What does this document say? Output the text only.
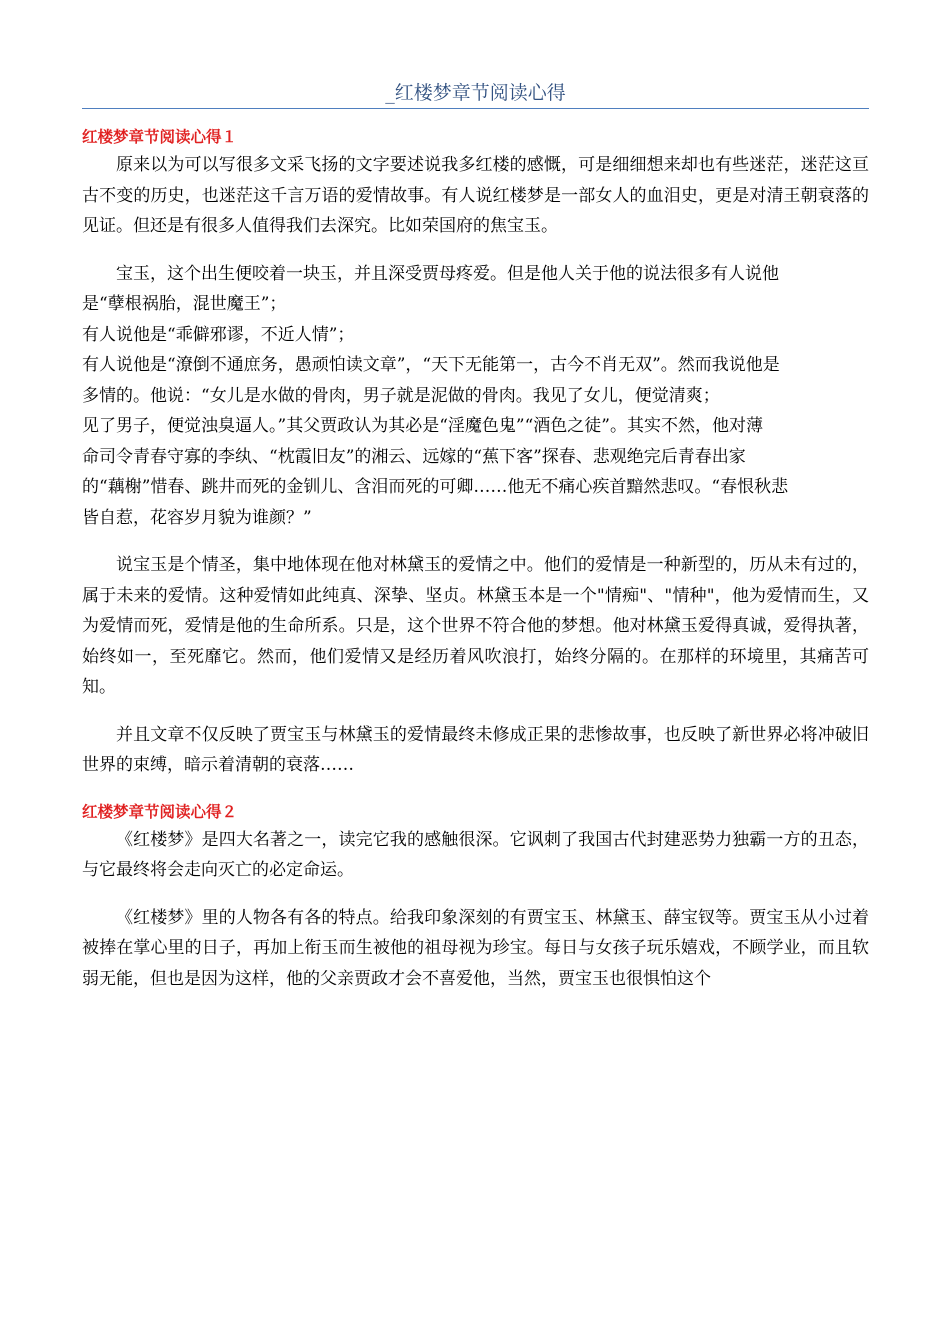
_红楼梦章节阅读心得
红楼梦章节阅读心得１

原来以为可以写很多文采飞扬的文字要述说我多红楼的感慨，可是细细想来却也有些迷茫，迷茫这亘古不变的历史，也迷茫这千言万语的爱情故事。有人说红楼梦是一部女人的血泪史，更是对清王朝衰落的见证。但还是有很多人值得我们去深究。比如荣国府的焦宝玉。

宝玉，这个出生便咬着一块玉，并且深受贾母疼爱。但是他人关于他的说法很多有人说他

是“孽根祸胎，混世魔王”；

有人说他是“乖僻邪谬，不近人情”；

有人说他是“潦倒不通庶务，愚顽怕读文章”，“天下无能第一，古今不肖无双”。然而我说他是

多情的。他说：“女儿是水做的骨肉，男子就是泥做的骨肉。我见了女儿，便觉清爽；

见了男子，便觉浊臭逼人。”其父贾政认为其必是“淫魔色鬼”“酒色之徒”。其实不然，他对薄

命司令青春守寡的李纨、“枕霞旧友”的湘云、远嫁的“蕉下客”探春、悲观绝完后青春出家

的“藕榭”惜春、跳井而死的金钏儿、含泪而死的可卿……他无不痛心疾首黯然悲叹。“春恨秋悲

皆自惹，花容岁月貌为谁颜？”

说宝玉是个情圣，集中地体现在他对林黛玉的爱情之中。他们的爱情是一种新型的，历从未有过的，属于未来的爱情。这种爱情如此纯真、深挚、坚贞。林黛玉本是一个"情痴"、"情种"，他为爱情而生，又为爱情而死，爱情是他的生命所系。只是，这个世界不符合他的梦想。他对林黛玉爱得真诚，爱得执著，始终如一，至死靡它。然而，他们爱情又是经历着风吹浪打，始终分隔的。在那样的环境里，其痛苦可知。

并且文章不仅反映了贾宝玉与林黛玉的爱情最终未修成正果的悲惨故事，也反映了新世界必将冲破旧世界的束缚，暗示着清朝的衰落……

红楼梦章节阅读心得２

《红楼梦》是四大名著之一，读完它我的感触很深。它讽刺了我国古代封建恶势力独霸一方的丑态，与它最终将会走向灭亡的必定命运。

《红楼梦》里的人物各有各的特点。给我印象深刻的有贾宝玉、林黛玉、薛宝钗等。贾宝玉从小过着被捧在掌心里的日子，再加上衔玉而生被他的祖母视为珍宝。每日与女孩子玩乐嬉戏，不顾学业，而且软弱无能，但也是因为这样，他的父亲贾政才会不喜爱他，当然，贾宝玉也很惧怕这个
